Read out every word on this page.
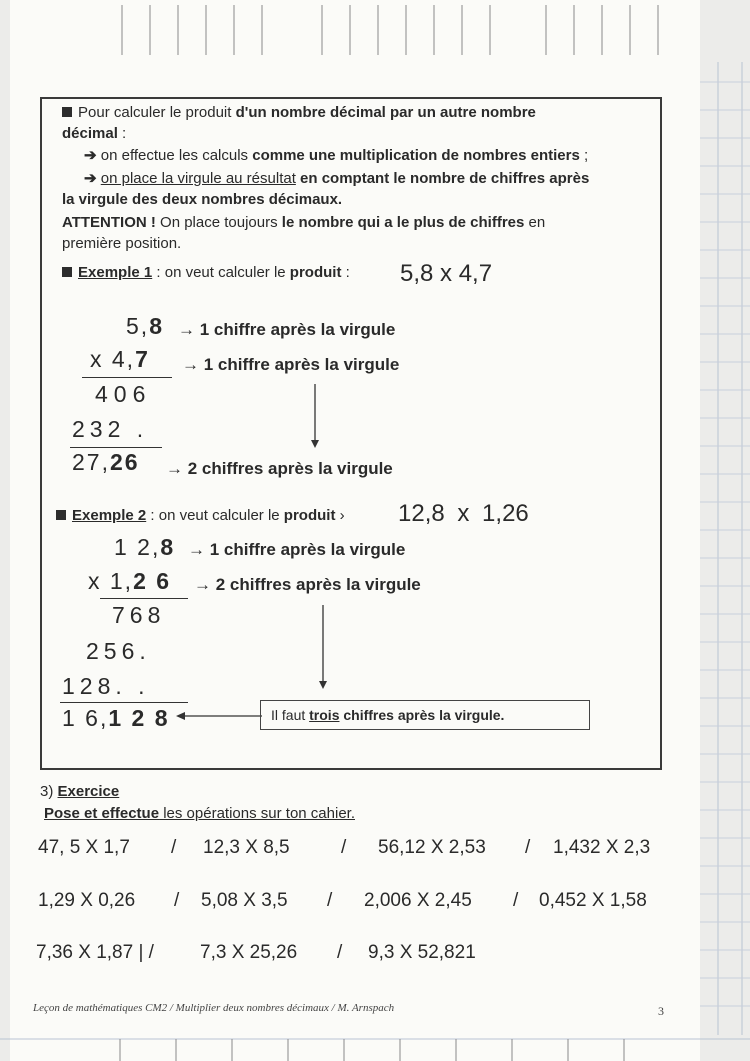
Pour calculer le produit d'un nombre décimal par un autre nombre
décimal :
➔ on effectue les calculs comme une multiplication de nombres entiers ;
➔ on place la virgule au résultat en comptant le nombre de chiffres après
la virgule des deux nombres décimaux.
ATTENTION ! On place toujours le nombre qui a le plus de chiffres en
première position.
Exemple 1 : on veut calculer le produit : 5,8 x 4,7
5,8 → 1 chiffre après la virgule
x 4,7 → 1 chiffre après la virgule
406
232 .
27,26 → 2 chiffres après la virgule
Exemple 2 : on veut calculer le produit › 12,8 x 1,26
1 2,8 → 1 chiffre après la virgule
x 1,2 6 → 2 chiffres après la virgule
768
256.
128. .
1 6,1 2 8	Il faut trois chiffres après la virgule.
3) Exercice
Pose et effectue les opérations sur ton cahier.
47, 5 X 1,7 / 12,3 X 8,5	/ 56,12 X 2,53 / 1,432 X 2,3
1,29 X 0,26 / 5,08 X 3,5 / 2,006 X 2,45 / 0,452 X 1,58
7,36 X 1,87 | / 7,3 X 25,26 / 9,3 X 52,821
Leçon de mathématiques CM2 / Multiplier deux nombres décimaux / M. Arnspach	3
